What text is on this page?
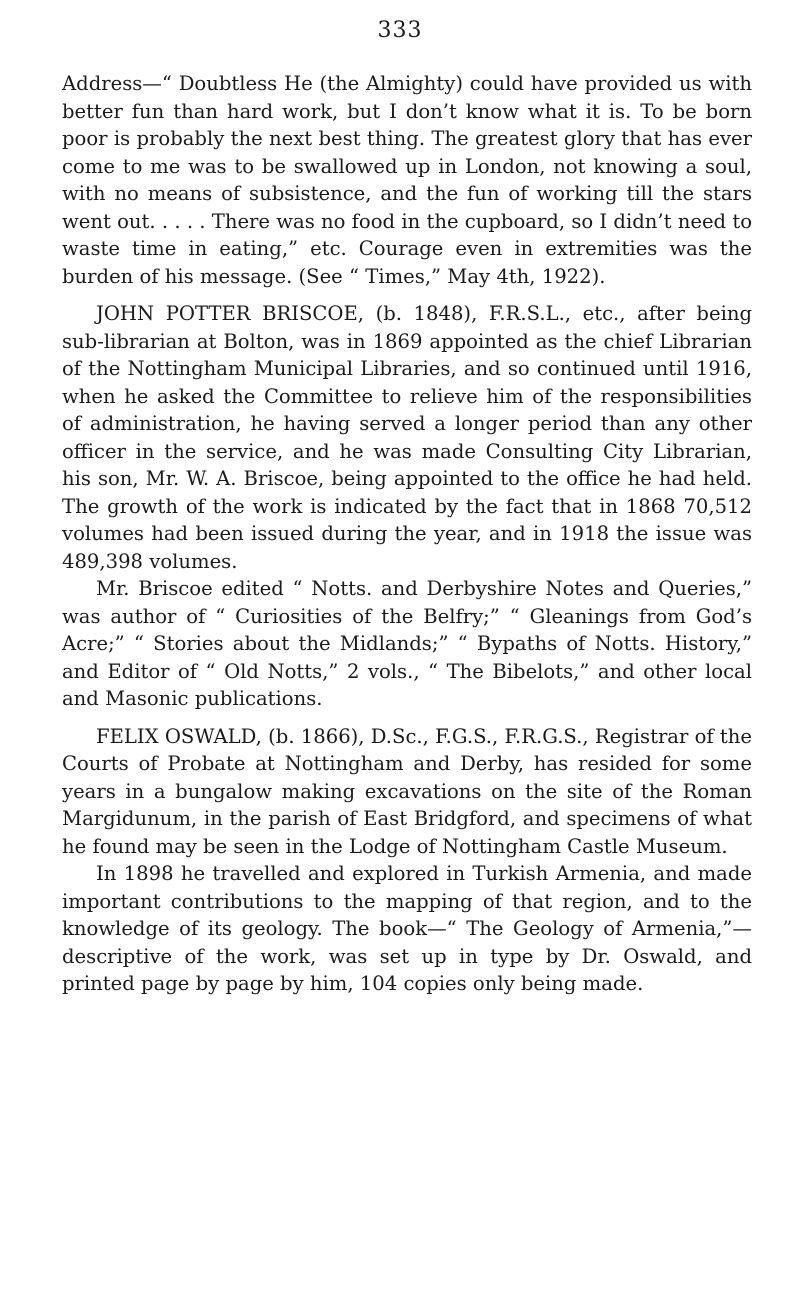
333

Address—“ Doubtless He (the Almighty) could have provided us with better fun than hard work, but I don’t know what it is. To be born poor is probably the next best thing. The greatest glory that has ever come to me was to be swallowed up in London, not knowing a soul, with no means of subsistence, and the fun of working till the stars went out. . . . . There was no food in the cupboard, so I didn’t need to waste time in eating,” etc. Courage even in extremities was the burden of his message. (See “ Times,” May 4th, 1922).

JOHN POTTER BRISCOE, (b. 1848), F.R.S.L., etc., after being sub-librarian at Bolton, was in 1869 appointed as the chief Librarian of the Nottingham Municipal Libraries, and so continued until 1916, when he asked the Committee to relieve him of the responsibilities of administration, he having served a longer period than any other officer in the service, and he was made Consulting City Librarian, his son, Mr. W. A. Briscoe, being appointed to the office he had held. The growth of the work is indicated by the fact that in 1868 70,512 volumes had been issued during the year, and in 1918 the issue was 489,398 volumes.

Mr. Briscoe edited “ Notts. and Derbyshire Notes and Queries,” was author of “ Curiosities of the Belfry;” “ Gleanings from God’s Acre;” “ Stories about the Midlands;” “ Bypaths of Notts. History,” and Editor of “ Old Notts,” 2 vols., “ The Bibelots,” and other local and Masonic publications.

FELIX OSWALD, (b. 1866), D.Sc., F.G.S., F.R.G.S., Registrar of the Courts of Probate at Nottingham and Derby, has resided for some years in a bungalow making excavations on the site of the Roman Margidunum, in the parish of East Bridgford, and specimens of what he found may be seen in the Lodge of Nottingham Castle Museum.

In 1898 he travelled and explored in Turkish Armenia, and made important contributions to the mapping of that region, and to the knowledge of its geology. The book—“ The Geology of Armenia,”—descriptive of the work, was set up in type by Dr. Oswald, and printed page by page by him, 104 copies only being made.
